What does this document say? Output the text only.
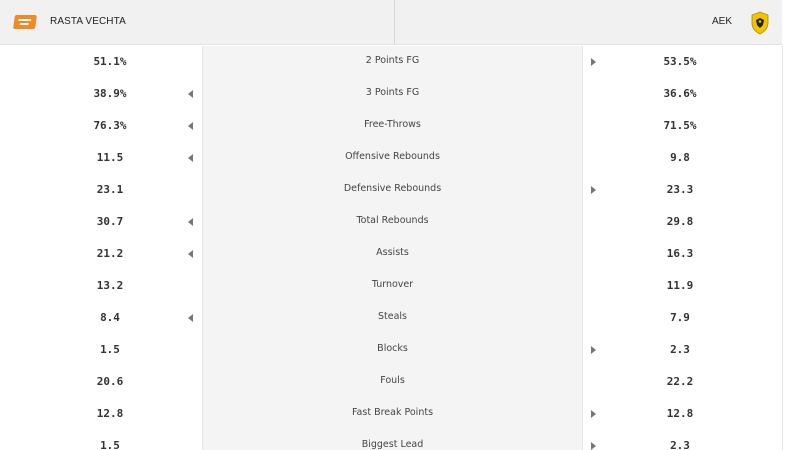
RASTA VECHTA	AEK
51.1%	2 Points FG	53.5%
38.9%	3 Points FG	36.6%
76.3%	Free-Throws	71.5%
11.5	Offensive Rebounds	9.8
23.1	Defensive Rebounds	23.3
30.7	Total Rebounds	29.8
21.2	Assists	16.3
13.2	Turnover	11.9
8.4	Steals	7.9
1.5	Blocks	2.3
20.6	Fouls	22.2
12.8	Fast Break Points	12.8
1.5	Biggest Lead	2.3
